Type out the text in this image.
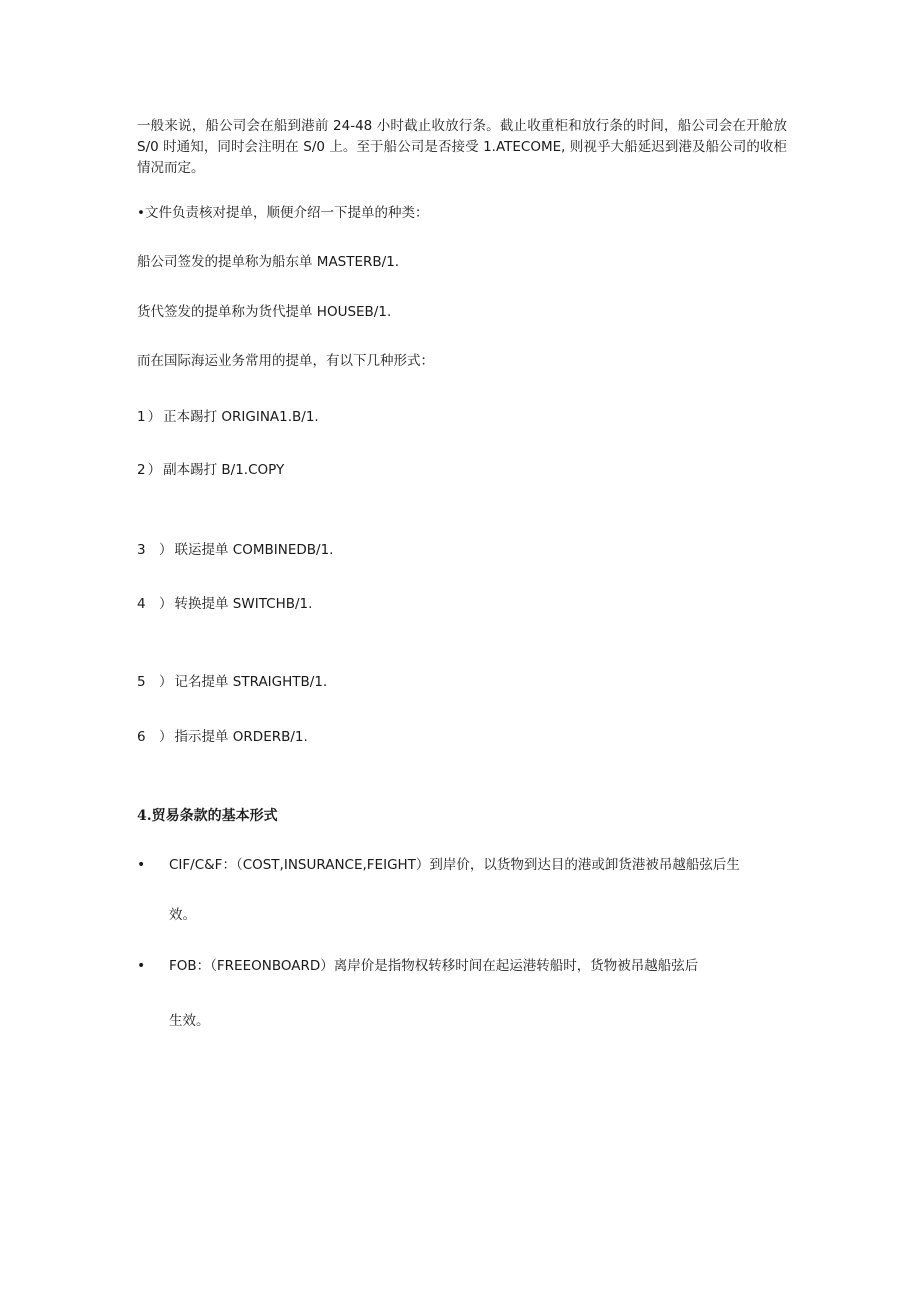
一般来说，船公司会在船到港前 24-48 小时截止收放行条。截止收重柜和放行条的时间，船公司会在开舱放 S/0 时通知，同时会注明在 S/0 上。至于船公司是否接受 1.ATECOME, 则视乎大船延迟到港及船公司的收柜情况而定。
•文件负责核对提单，顺便介绍一下提单的种类：
船公司签发的提单称为船东单 MASTERB/1.
货代签发的提单称为货代提单 HOUSEB/1.
而在国际海运业务常用的提单，有以下几种形式：
1 ） 正本踢打 ORIGINA1.B/1.
2 ） 副本踢打 B/1.COPY
3 ） 联运提单 COMBINEDB/1.
4 ） 转换提单 SWITCHB/1.
5 ） 记名提单 STRAIGHTB/1.
6 ） 指示提单 ORDERB/1.
4.贸易条款的基本形式
• CIF/C&F：（COST,INSURANCE,FEIGHT）到岸价，以货物到达目的港或卸货港被吊越船弦后生
效。
• FOB：（FREEONBOARD）离岸价是指物权转移时间在起运港转船时，货物被吊越船弦后
生效。
